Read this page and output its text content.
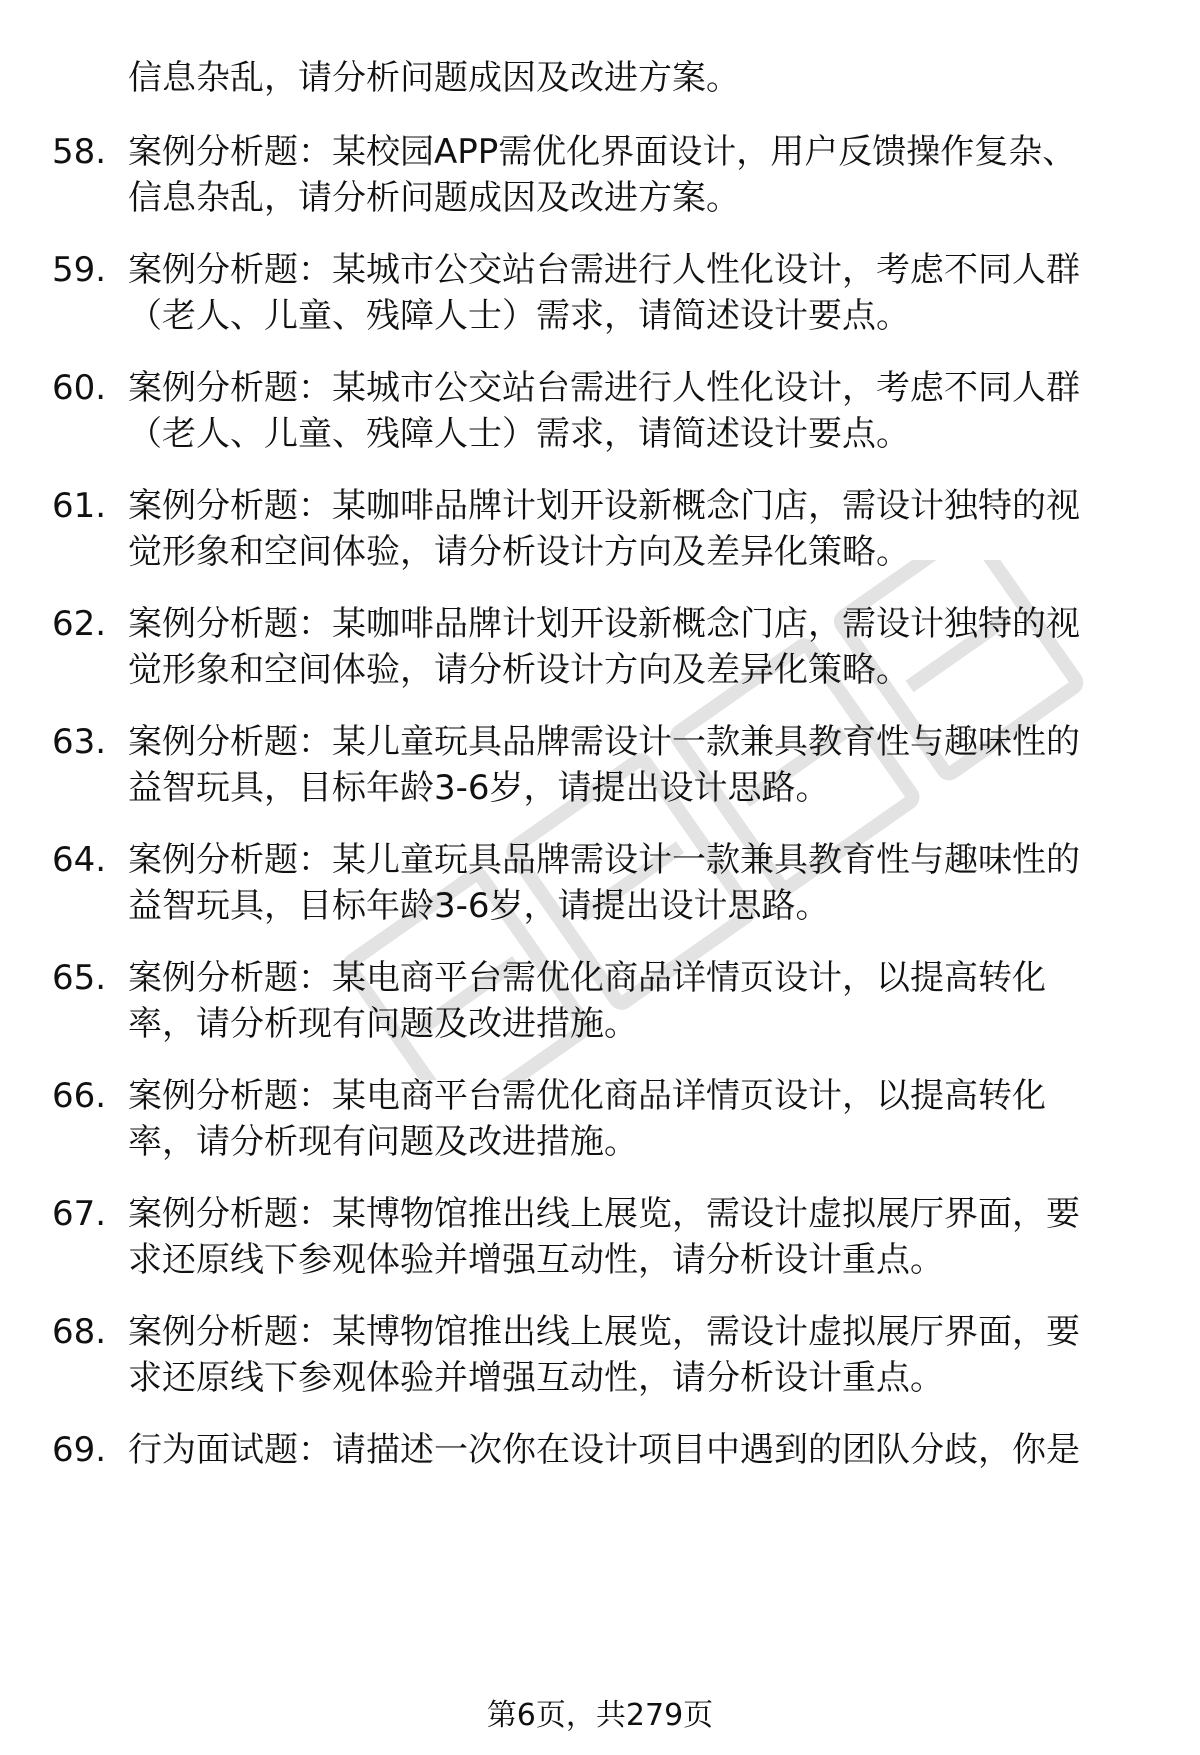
信息杂乱，请分析问题成因及改进方案。
58. 案例分析题：某校园APP需优化界面设计，用户反馈操作复杂、
信息杂乱，请分析问题成因及改进方案。
59. 案例分析题：某城市公交站台需进行人性化设计，考虑不同人群
（老人、儿童、残障人士）需求，请简述设计要点。
60. 案例分析题：某城市公交站台需进行人性化设计，考虑不同人群
（老人、儿童、残障人士）需求，请简述设计要点。
61. 案例分析题：某咖啡品牌计划开设新概念门店，需设计独特的视
觉形象和空间体验，请分析设计方向及差异化策略。
62. 案例分析题：某咖啡品牌计划开设新概念门店，需设计独特的视
觉形象和空间体验，请分析设计方向及差异化策略。
63. 案例分析题：某儿童玩具品牌需设计一款兼具教育性与趣味性的
益智玩具，目标年龄3-6岁，请提出设计思路。
64. 案例分析题：某儿童玩具品牌需设计一款兼具教育性与趣味性的
益智玩具，目标年龄3-6岁，请提出设计思路。
65. 案例分析题：某电商平台需优化商品详情页设计，以提高转化
率，请分析现有问题及改进措施。
66. 案例分析题：某电商平台需优化商品详情页设计，以提高转化
率，请分析现有问题及改进措施。
67. 案例分析题：某博物馆推出线上展览，需设计虚拟展厅界面，要
求还原线下参观体验并增强互动性，请分析设计重点。
68. 案例分析题：某博物馆推出线上展览，需设计虚拟展厅界面，要
求还原线下参观体验并增强互动性，请分析设计重点。
69. 行为面试题：请描述一次你在设计项目中遇到的团队分歧，你是
第6页，共279页
